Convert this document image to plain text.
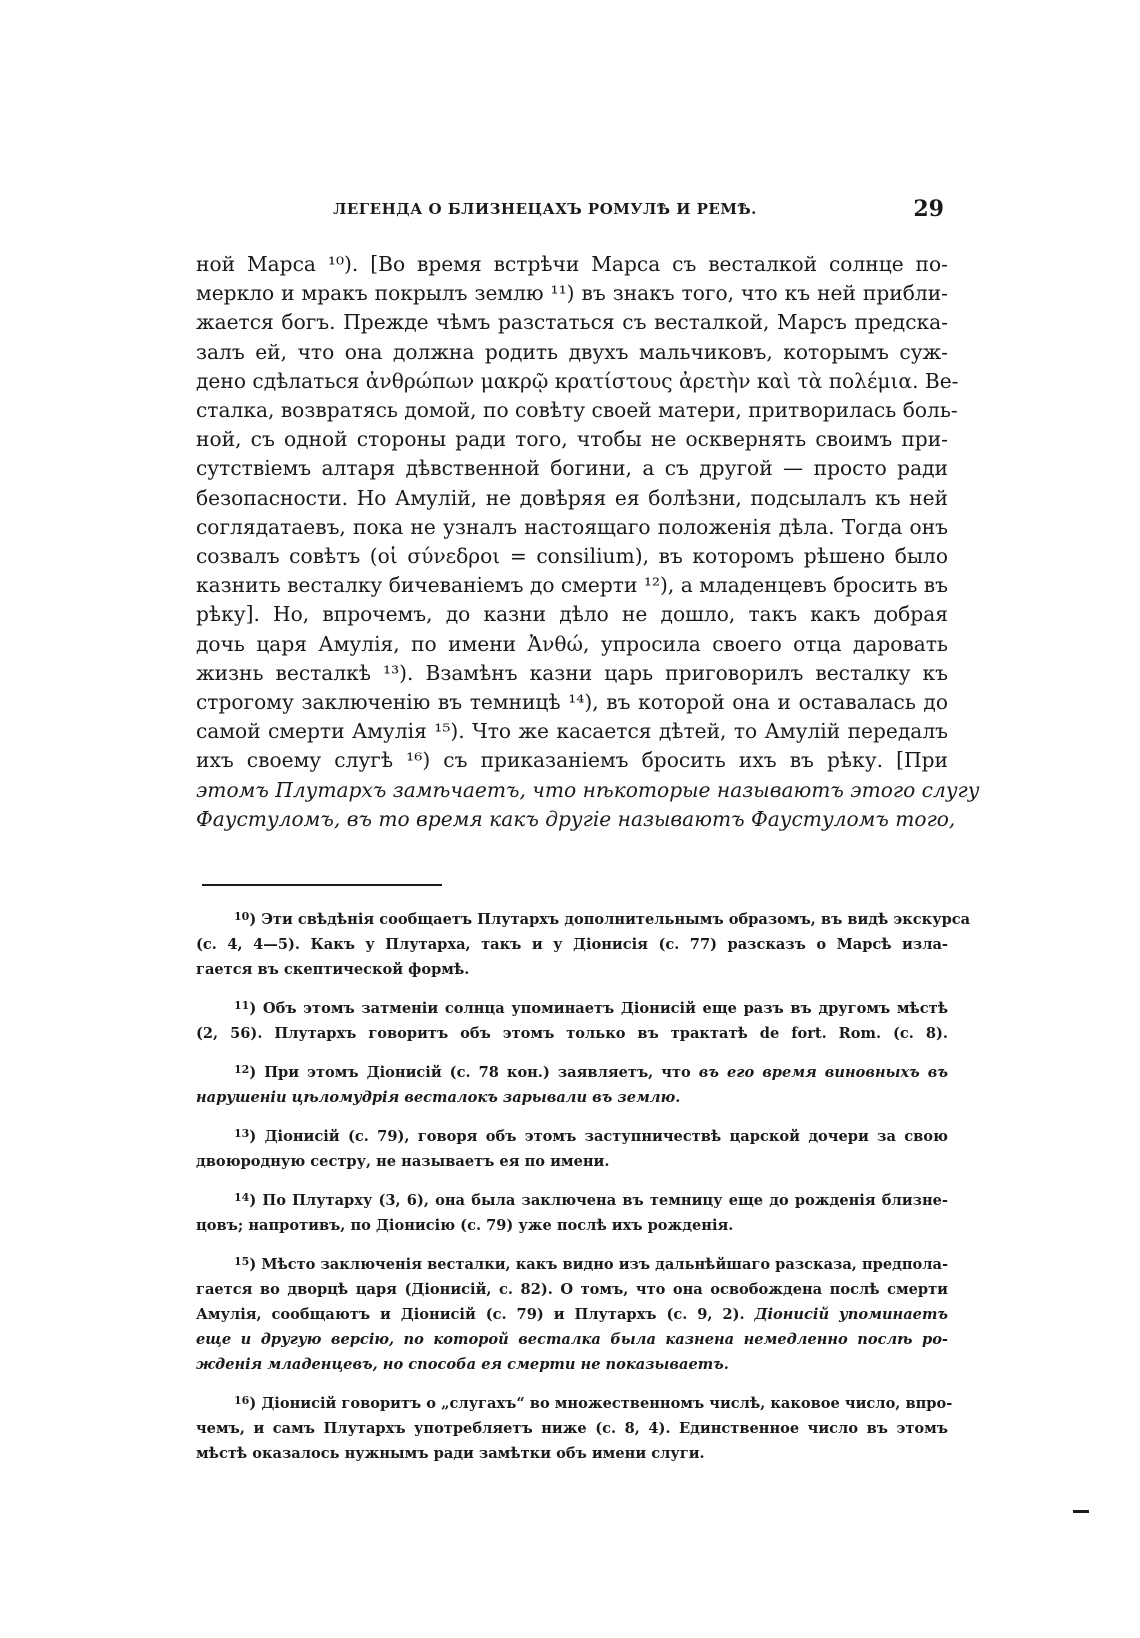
ЛЕГЕНДА О БЛИЗНЕЦАХЪ РОМУЛѢ И РЕМѢ.	29
ной Марса ¹⁰). [Во время встрѣчи Марса съ весталкой солнце по-
меркло и мракъ покрылъ землю ¹¹) въ знакъ того, что къ ней прибли-
жается богъ. Прежде чѣмъ разстаться съ весталкой, Марсъ предска-
залъ ей, что она должна родить двухъ мальчиковъ, которымъ суж-
дено сдѣлаться ἀνθρώπων μακρῷ κρατίστους ἀρετὴν καὶ τὰ πολέμια. Ве-
сталка, возвратясь домой, по совѣту своей матери, притворилась боль-
ной, съ одной стороны ради того, чтобы не осквернять своимъ при-
сутствіемъ алтаря дѣвственной богини, а съ другой — просто ради
безопасности. Но Амулій, не довѣряя ея болѣзни, подсылалъ къ ней
соглядатаевъ, пока не узналъ настоящаго положенія дѣла. Тогда онъ
созвалъ совѣтъ (οἱ σύνεδροι = consilium), въ которомъ рѣшено было
казнить весталку бичеваніемъ до смерти ¹²), а младенцевъ бросить въ
рѣку]. Но, впрочемъ, до казни дѣло не дошло, такъ какъ добрая
дочь царя Амулія, по имени Ἀνθώ, упросила своего отца даровать
жизнь весталкѣ ¹³). Взамѣнъ казни царь приговорилъ весталку къ
строгому заключенію въ темницѣ ¹⁴), въ которой она и оставалась до
самой смерти Амулія ¹⁵). Что же касается дѣтей, то Амулій передалъ
ихъ своему слугѣ ¹⁶) съ приказаніемъ бросить ихъ въ рѣку. [При
этомъ Плутархъ замѣчаетъ, что нѣкоторые называютъ этого слугу
Фаустуломъ, въ то время какъ другіе называютъ Фаустуломъ того,
$^{10}$) Эти свѣдѣнія сообщаетъ Плутархъ дополнительнымъ образомъ, въ видѣ экскурса
(с. 4, 4—5). Какъ у Плутарха, такъ и у Діонисія (с. 77) разсказъ о Марсѣ излa-
гается въ скептической формѣ.
$^{11}$) Объ этомъ затменіи солнца упоминаетъ Діонисій еще разъ въ другомъ мѣстѣ
(2, 56). Плутархъ говоритъ объ этомъ только въ трактатѣ de fort. Rom. (с. 8).
$^{12}$) При этомъ Діонисій (с. 78 кон.) заявляетъ, что въ его время виновныхъ въ
нарушеніи цѣломудрія весталокъ зарывали въ землю.
$^{13}$) Діонисій (с. 79), говоря объ этомъ заступничествѣ царской дочери за свою
двоюродную сестру, не называетъ ея по имени.
$^{14}$) По Плутарху (3, 6), она была заключена въ темницу еще до рожденія близне-
цовъ; напротивъ, по Діонисію (с. 79) уже послѣ ихъ рожденія.
$^{15}$) Мѣсто заключенія весталки, какъ видно изъ дальнѣйшаго разсказа, предпола-
гается во дворцѣ царя (Діонисій, с. 82). О томъ, что она освобождена послѣ смерти
Амулія, сообщаютъ и Діонисій (с. 79) и Плутархъ (с. 9, 2). Діонисій упоминаетъ
еще и другую версію, по которой весталка была казнена немедленно послѣ ро-
жденія младенцевъ, но способа ея смерти не показываетъ.
$^{16}$) Діонисій говоритъ о „слугахъ“ во множественномъ числѣ, каковое число, впро-
чемъ, и самъ Плутархъ употребляетъ ниже (с. 8, 4). Единственное число въ этомъ
мѣстѣ оказалось нужнымъ ради замѣтки объ имени слуги.
